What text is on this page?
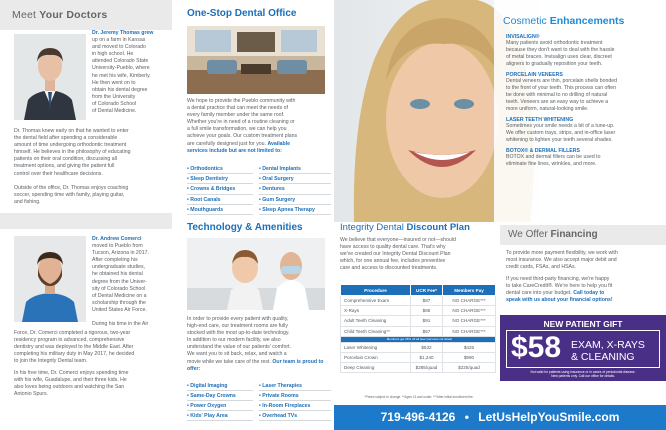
Meet Your Doctors
Dr. Jeremy Thomas grew
up on a farm in Kansas
and moved to Colorado
in high school. He
attended Colorado State
University-Pueblo, where
he met his wife, Kimberly.
He then went on to
obtain his dental degree
from the University
of Colorado School
of Dental Medicine.
Dr. Thomas knew early on that he wanted to enter
the dental field after spending a considerable
amount of time undergoing orthodontic treatment
himself. He believes in the philosophy of educating
patients on their oral condition, discussing all
treatment options, and giving the patient full
control over their healthcare decisions.
Outside of the office, Dr. Thomas enjoys coaching
soccer, spending time with family, playing guitar,
and fishing.
Dr. Andrew Comerci
moved to Pueblo from
Tucson, Arizona in 2017.
After completing his
undergraduate studies,
he obtained his dental
degree from the Univer-
sity of Colorado School
of Dental Medicine on a
scholarship through the
United States Air Force.

During his time in the Air
Force, Dr. Comerci completed a rigorous, two-year
residency program in advanced, comprehensive
dentistry and was deployed to the Middle East. After
completing his military duty in May 2017, he decided
to join the Integrity Dental team.
In his free time, Dr. Comerci enjoys spending time
with his wife, Guadalupe, and their three kids. He
also loves being outdoors and watching the San
Antonio Spurs.
One-Stop Dental Office
We hope to provide the Pueblo community with
a dental practice that can meet the needs of
every family member under the same roof.
Whether you're in need of a routine cleaning or
a full smile transformation, we can help you
achieve your goals. Our custom treatment plans
are carefully designed just for you. Available
services include but are not limited to:
• Orthodontics
• Sleep Dentistry
• Crowns & Bridges
• Root Canals
• Mouthguards
• Dental Implants
• Oral Surgery
• Dentures
• Gum Surgery
• Sleep Apnea Therapy
Technology & Amenities
In order to provide every patient with quality,
high-end care, our treatment rooms are fully
stocked with the most up-to-date technology.
In addition to our modern facility, we also
understand the value of our patients' comfort.
We want you to sit back, relax, and watch a
movie while we take care of the rest. Our team is proud to offer:
• Digital Imaging
• Same-Day Crowns
• Power Oxygen
• Kids' Play Area
• Laser Therapies
• Private Rooms
• In-Room Fireplaces
• Overhead TVs
Cosmetic Enhancements
INVISALIGN®
Many patients avoid orthodontic treatment
because they don't want to deal with the hassle
of metal braces. Invisalign uses clear, discreet
aligners to gradually reposition your teeth.
PORCELAIN VENEERS
Dental veneers are thin, porcelain shells bonded
to the front of your teeth. This process can often
be done with minimal to no drilling of natural
teeth. Veneers are an easy way to achieve a
more uniform, natural-looking smile.
LASER TEETH WHITENING
Sometimes your smile needs a bit of a tune-up.
We offer custom trays, strips, and in-office laser
whitening to lighten your teeth several shades.
BOTOX® & DERMAL FILLERS
BOTOX and dermal fillers can be used to
eliminate fine lines, wrinkles, and more.
Integrity Dental Discount Plan
We believe that everyone—insured or not—should
have access to quality dental care. That's why
we've created our Integrity Dental Discount Plan
which, for one annual fee, includes preventive
care and access to discounted treatments.
Procedure	UCR Fee*	Members Pay
Comprehensive Exam	$87	NO CHARGE***
X-Rays	$86	NO CHARGE***
Adult Teeth Cleaning	$91	NO CHARGE***
Child Teeth Cleaning**	$67	NO CHARGE***
Members get 25% off all fees (services not listed)		
Laser Whitening	$532	$425
Porcelain Crown	$1,240	$990
Deep Cleaning	$285/quad	$225/quad
*Prices subject to change. **Ages 13 and under. ***After initial enrollment fee.
We Offer Financing
To provide more payment flexibility, we work with
most insurance. We also accept major debit and
credit cards, FSAs, and HSAs.
If you need third-party financing, we're happy
to take CareCredit®. We're here to help you fit
dental care into your budget. Call today to
speak with us about your financial options!
NEW PATIENT GIFT
$58 EXAM, X-RAYS
& CLEANING
Not valid for patients using insurance or in cases of periodontal disease.
New patients only. Call our office for details.
719-496-4126 • LetUsHelpYouSmile.com
